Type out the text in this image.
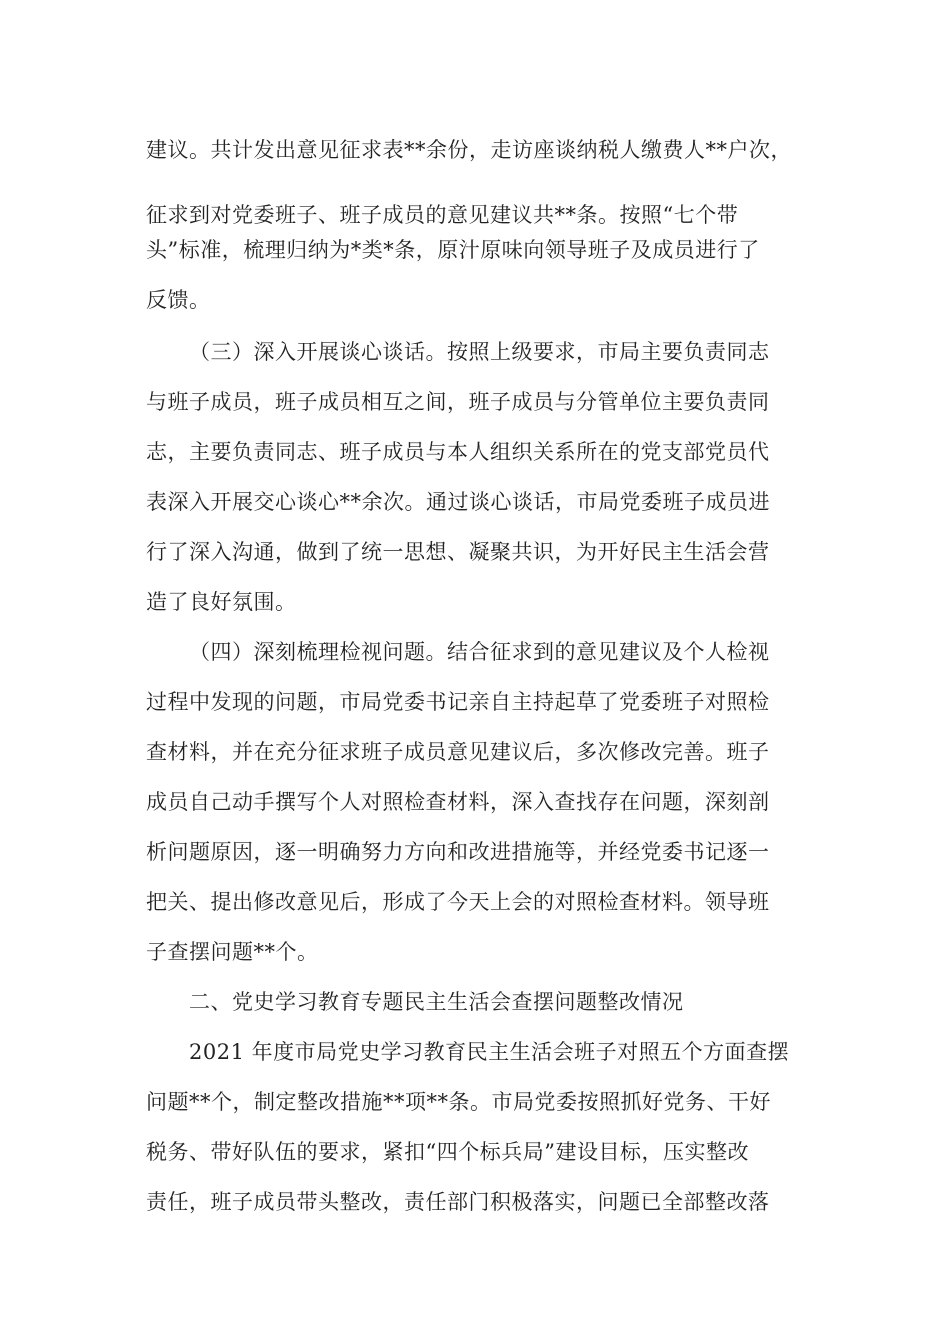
建议。共计发出意见征求表**余份，走访座谈纳税人缴费人**户次，
征求到对党委班子、班子成员的意见建议共**条。按照“七个带
头”标准，梳理归纳为*类*条，原汁原味向领导班子及成员进行了
反馈。
（三）深入开展谈心谈话。按照上级要求，市局主要负责同志
与班子成员，班子成员相互之间，班子成员与分管单位主要负责同
志，主要负责同志、班子成员与本人组织关系所在的党支部党员代
表深入开展交心谈心**余次。通过谈心谈话，市局党委班子成员进
行了深入沟通，做到了统一思想、凝聚共识，为开好民主生活会营
造了良好氛围。
（四）深刻梳理检视问题。结合征求到的意见建议及个人检视
过程中发现的问题，市局党委书记亲自主持起草了党委班子对照检
查材料，并在充分征求班子成员意见建议后，多次修改完善。班子
成员自己动手撰写个人对照检查材料，深入查找存在问题，深刻剖
析问题原因，逐一明确努力方向和改进措施等，并经党委书记逐一
把关、提出修改意见后，形成了今天上会的对照检查材料。领导班
子查摆问题**个。
二、党史学习教育专题民主生活会查摆问题整改情况
2021 年度市局党史学习教育民主生活会班子对照五个方面查摆
问题**个，制定整改措施**项**条。市局党委按照抓好党务、干好
税务、带好队伍的要求，紧扣“四个标兵局”建设目标，压实整改
责任，班子成员带头整改，责任部门积极落实，问题已全部整改落
